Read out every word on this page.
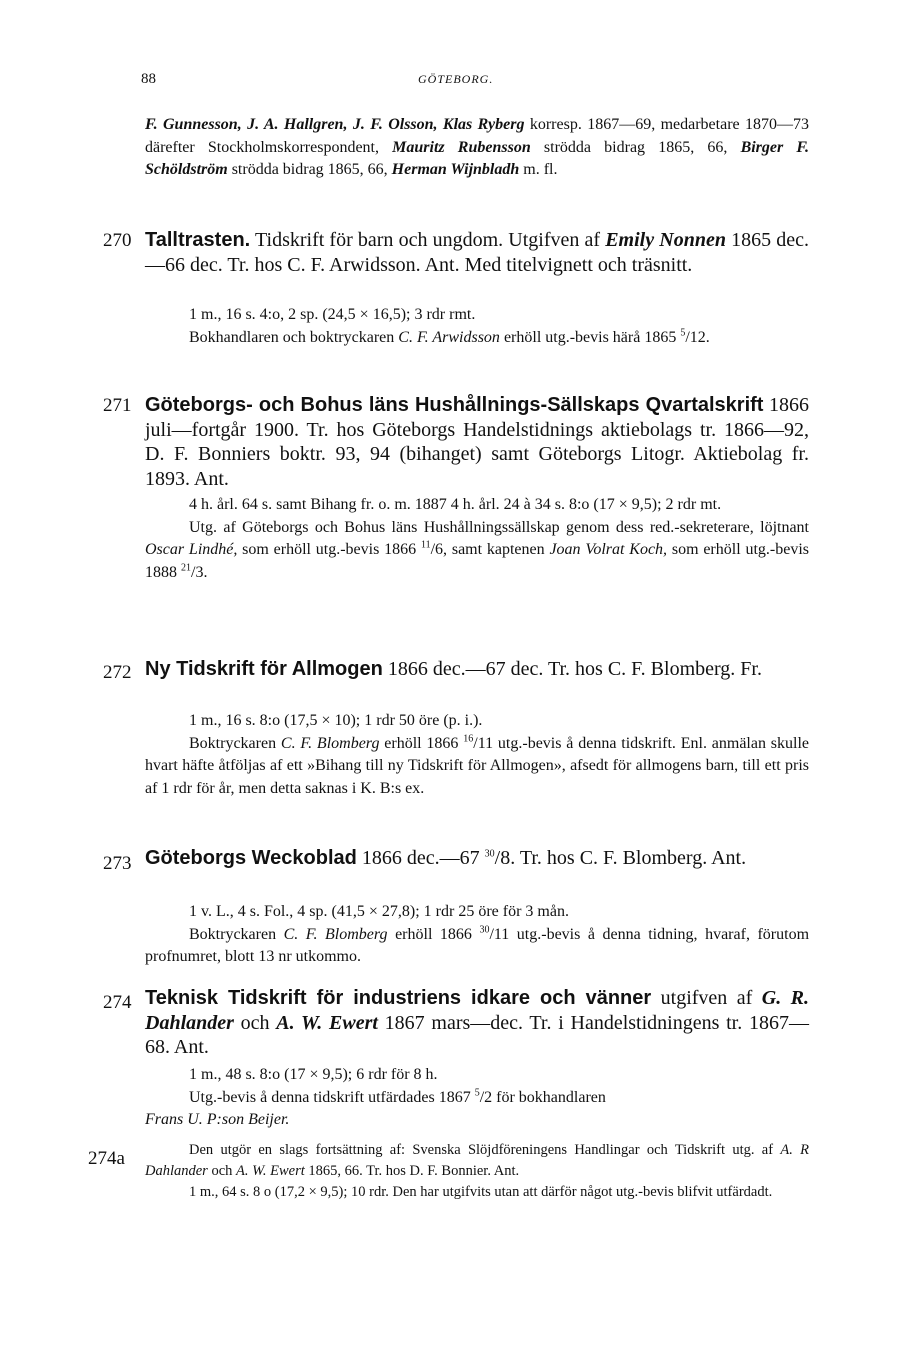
88	GÖTEBORG.
F. Gunnesson, J. A. Hallgren, J. F. Olsson, Klas Ryberg korresp. 1867—69, medarbetare 1870—73 därefter Stockholmskorrespondent, Mauritz Rubensson strödda bidrag 1865, 66, Birger F. Schöldström strödda bidrag 1865, 66, Herman Wijnbladh m. fl.
270 Talltrasten. Tidskrift för barn och ungdom. Utgifven af Emily Nonnen 1865 dec.—66 dec. Tr. hos C. F. Arwidsson. Ant. Med titelvignett och träsnitt.

1 m., 16 s. 4:o, 2 sp. (24,5 × 16,5); 3 rdr rmt.

Bokhandlaren och boktryckaren C. F. Arwidsson erhöll utg.-bevis härå 1865 $^5$/12.

271 Göteborgs- och Bohus läns Hushållnings-Sällskaps Qvartalskrift 1866 juli—fortgår 1900. Tr. hos Göteborgs Handelstidnings aktiebolags tr. 1866—92, D. F. Bonniers boktr. 93, 94 (bihanget) samt Göteborgs Litogr. Aktiebolag fr. 1893. Ant.

4 h. årl. 64 s. samt Bihang fr. o. m. 1887 4 h. årl. 24 à 34 s. 8:o (17 × 9,5); 2 rdr mt.

Utg. af Göteborgs och Bohus läns Hushållningssällskap genom dess red.-sekreterare, löjtnant Oscar Lindhé, som erhöll utg.-bevis 1866 $^{11}$/6, samt kaptenen Joan Volrat Koch, som erhöll utg.-bevis 1888 $^{21}$/3.

272 Ny Tidskrift för Allmogen 1866 dec.—67 dec. Tr. hos C. F. Blomberg. Fr.

1 m., 16 s. 8:o (17,5 × 10); 1 rdr 50 öre (p. i.).

Boktryckaren C. F. Blomberg erhöll 1866 $^{16}$/11 utg.-bevis å denna tidskrift. Enl. anmälan skulle hvart häfte åtföljas af ett »Bihang till ny Tidskrift för Allmogen», afsedt för allmogens barn, till ett pris af 1 rdr för år, men detta saknas i K. B:s ex.

273 Göteborgs Weckoblad 1866 dec.—67 $^{30}$/8. Tr. hos C. F. Blomberg. Ant.

1 v. L., 4 s. Fol., 4 sp. (41,5 × 27,8); 1 rdr 25 öre för 3 mån.

Boktryckaren C. F. Blomberg erhöll 1866 $^{30}$/11 utg.-bevis å denna tidning, hvaraf, förutom profnumret, blott 13 nr utkommo.

274 Teknisk Tidskrift för industriens idkare och vänner utgifven af G. R. Dahlander och A. W. Ewert 1867 mars—dec. Tr. i Handelstidningens tr. 1867—68. Ant.

1 m., 48 s. 8:o (17 × 9,5); 6 rdr för 8 h.

Utg.-bevis å denna tidskrift utfärdades 1867 $^5$/2 för bokhandlaren

Frans U. P:son Beijer.

274a	Den utgör en slags fortsättning af: Svenska Slöjdföreningens Handlingar och Tidskrift utg. af A. R Dahlander och A. W. Ewert 1865, 66. Tr. hos D. F. Bonnier. Ant.

1 m., 64 s. 8 o (17,2 × 9,5); 10 rdr. Den har utgifvits utan att därför något utg.-bevis blifvit utfärdadt.
